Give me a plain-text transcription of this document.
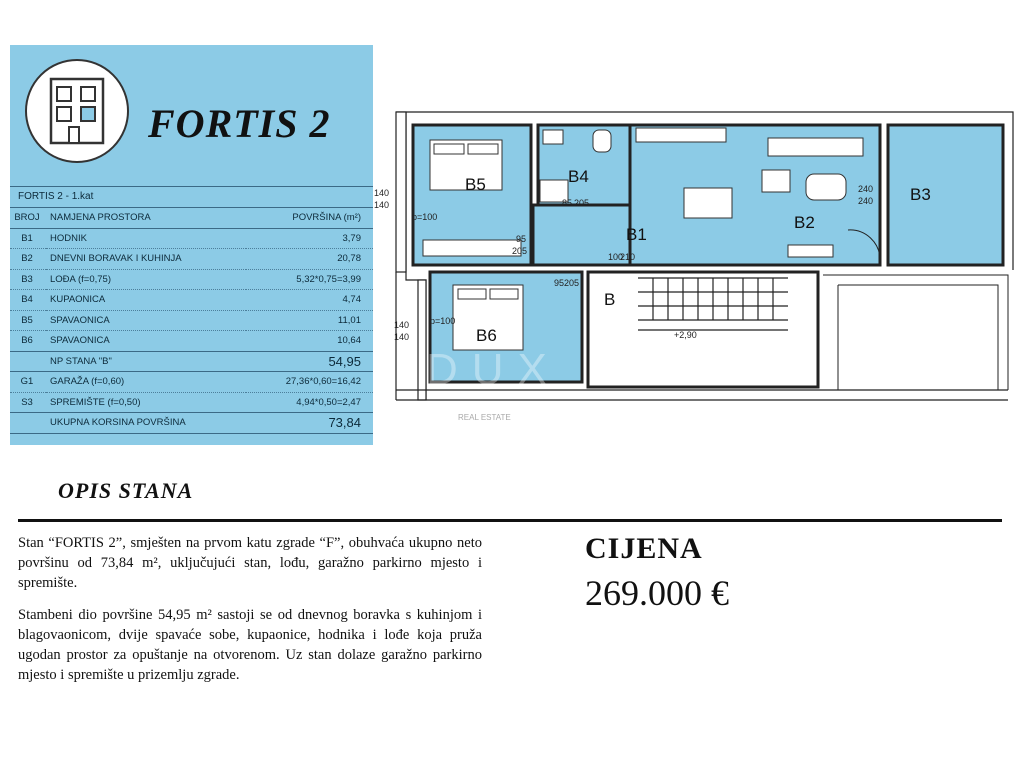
FORTIS 2
FORTIS 2 - 1.kat
BROJ	NAMJENA PROSTORA	POVRŠINA (m²)
B1	HODNIK	3,79
B2	DNEVNI BORAVAK I KUHINJA	20,78
B3	LOĐA (f=0,75)	5,32*0,75=3,99
B4	KUPAONICA	4,74
B5	SPAVAONICA	11,01
B6	SPAVAONICA	10,64
	NP STANA "B"	54,95
G1	GARAŽA (f=0,60)	27,36*0,60=16,42
S3	SPREMIŠTE (f=0,50)	4,94*0,50=2,47
	UKUPNA KORSINA POVRŠINA	73,84
B5	B4
B1
B2
B3
B6
B
140
140
140
140
240
240
95
205
85 205
100
210
95 205
p=100
p=100
+2,90
DUX
REAL ESTATE
OPIS STANA

Stan “FORTIS 2”, smješten na prvom katu zgrade “F”, obuhvaća ukupno neto površinu od 73,84 m², uključujući stan, lođu, garažno parkirno mjesto i spremište.

Stambeni dio površine 54,95 m² sastoji se od dnevnog boravka s kuhinjom i blagovaonicom, dvije spavaće sobe, kupaonice, hodnika i lođe koja pruža ugodan prostor za opuštanje na otvorenom. Uz stan dolaze garažno parkirno mjesto i spremište u prizemlju zgrade.

CIJENA
269.000 €
